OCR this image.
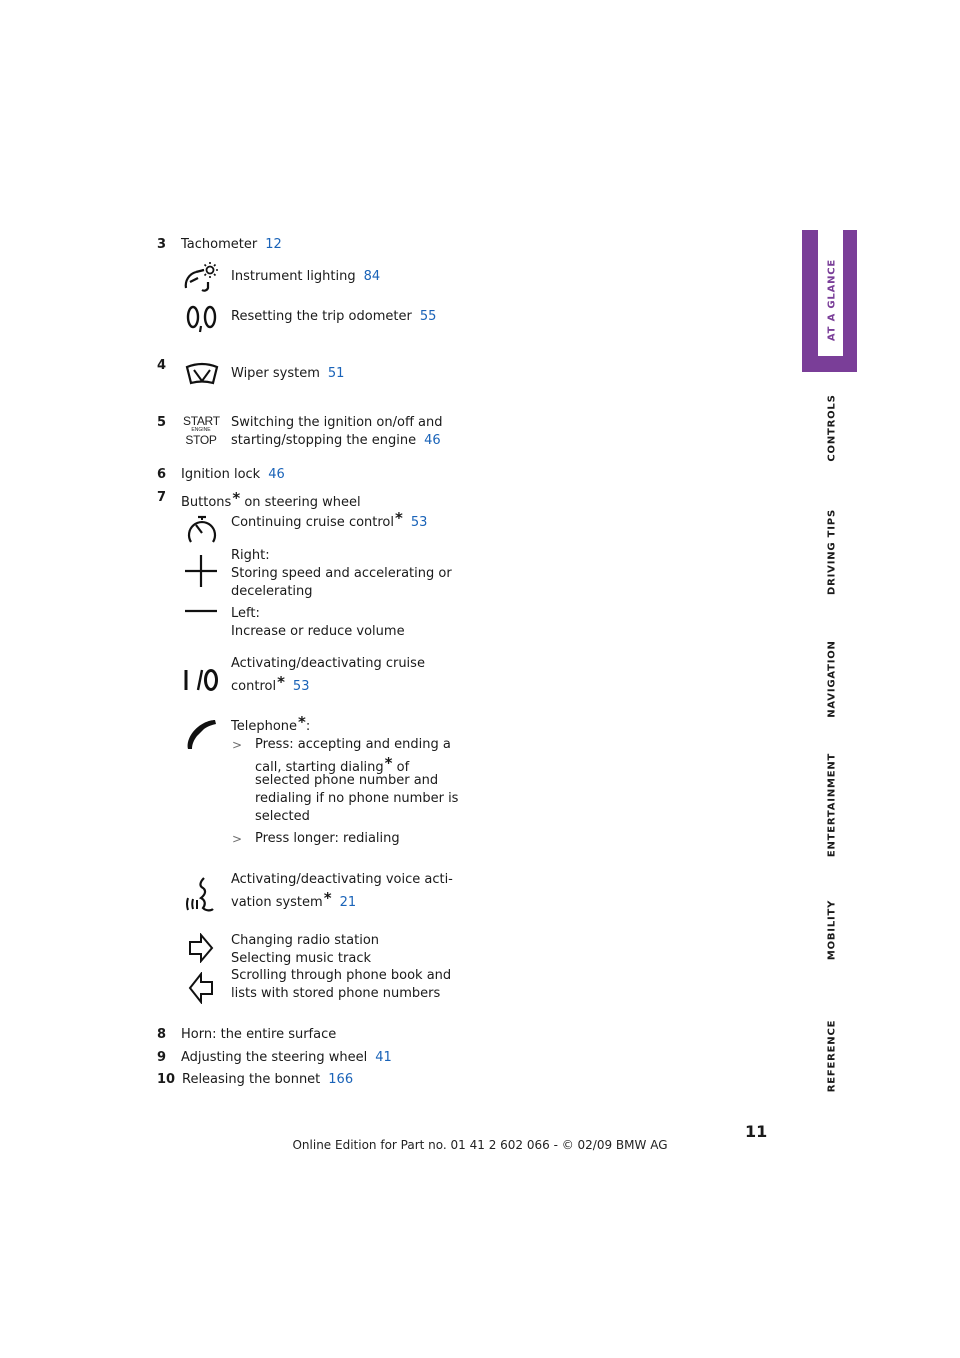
AT A GLANCE
CONTROLS
DRIVING TIPS
NAVIGATION
ENTERTAINMENT
MOBILITY
REFERENCE
3 Tachometer 12
Instrument lighting 84
Resetting the trip odometer 55
4
Wiper system 51
5 START
ENGINE
STOP
Switching the ignition on/off and
starting/stopping the engine 46
6 Ignition lock 46
7 Buttons* on steering wheel
Continuing cruise control* 53
Right:
Storing speed and accelerating or
decelerating
Left:
Increase or reduce volume
Activating/deactivating cruise
control* 53
Telephone*:
> Press: accepting and ending a
call, starting dialing* of
selected phone number and
redialing if no phone number is
selected
> Press longer: redialing
Activating/deactivating voice acti-
vation system* 21
Changing radio station
Selecting music track
Scrolling through phone book and
lists with stored phone numbers
8 Horn: the entire surface
9 Adjusting the steering wheel 41
10 Releasing the bonnet 166
11
Online Edition for Part no. 01 41 2 602 066 - © 02/09 BMW AG
